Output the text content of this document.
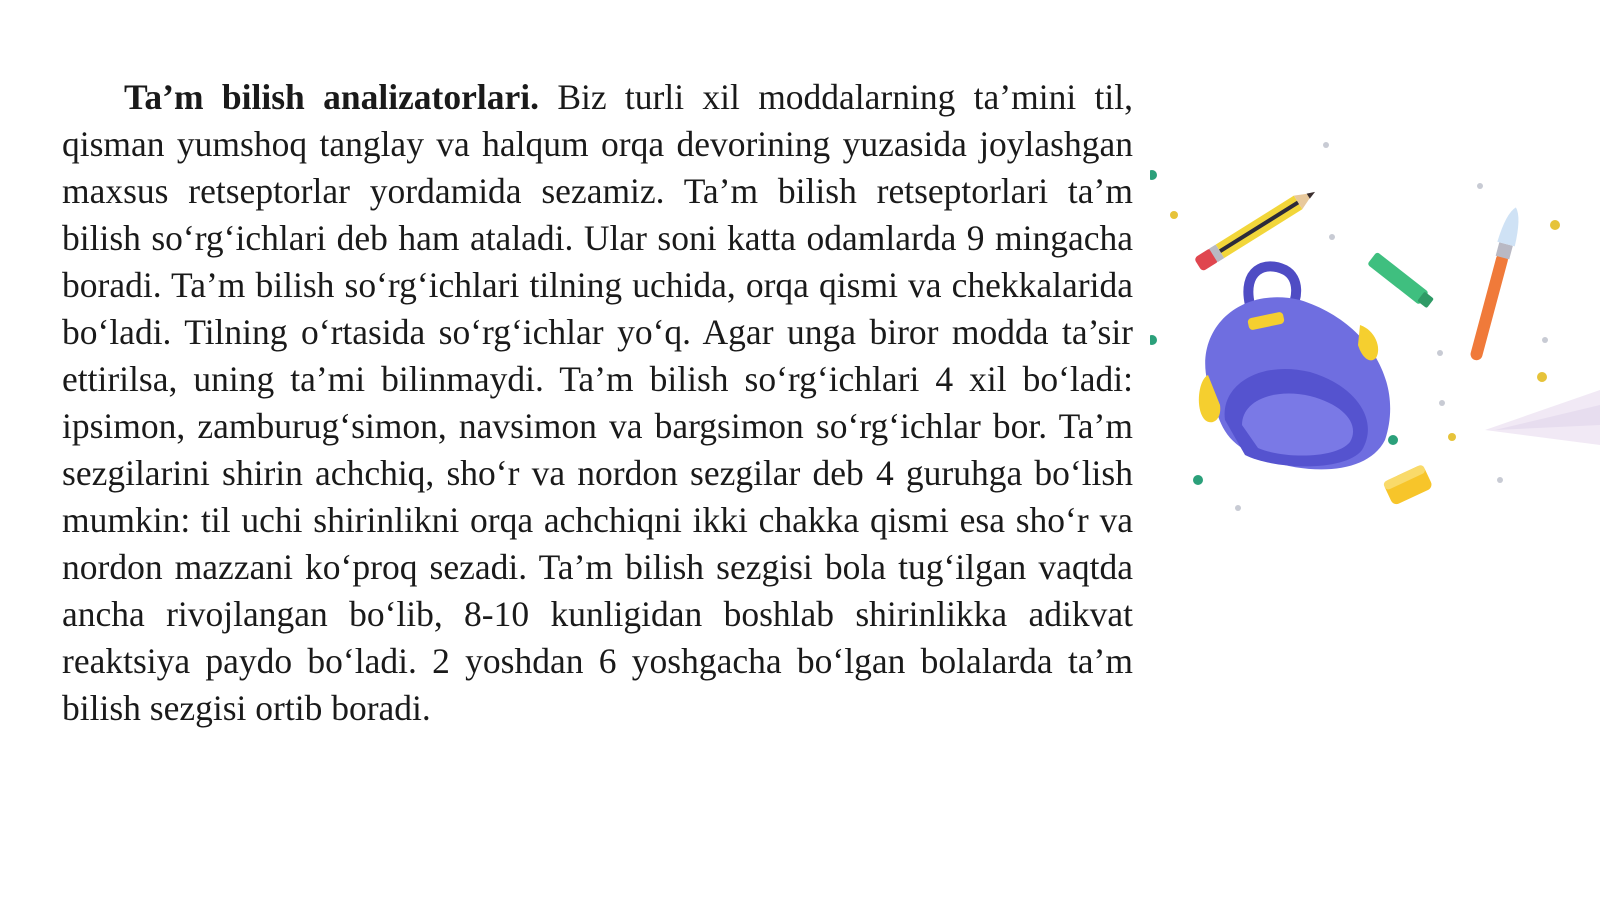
Ta’m bilish analizatorlari. Biz turli xil moddalarning ta’mini til, qisman yumshoq tanglay va halqum orqa devorining yuzasida joylashgan maxsus retseptorlar yordamida sezamiz. Ta’m bilish retseptorlari ta’m bilish so‘rg‘ichlari deb ham ataladi. Ular soni katta odamlarda 9 mingacha boradi. Ta’m bilish so‘rg‘ichlari tilning uchida, orqa qismi va chekkalarida bo‘ladi. Tilning o‘rtasida so‘rg‘ichlar yo‘q. Agar unga biror modda ta’sir ettirilsa, uning ta’mi bilinmaydi. Ta’m bilish so‘rg‘ichlari 4 xil bo‘ladi: ipsimon, zamburug‘simon, navsimon va bargsimon so‘rg‘ichlar bor. Ta’m sezgilarini shirin achchiq, sho‘r va nordon sezgilar deb 4 guruhga bo‘lish mumkin: til uchi shirinlikni orqa achchiqni ikki chakka qismi esa sho‘r va nordon mazzani ko‘proq sezadi. Ta’m bilish sezgisi bola tug‘ilgan vaqtda ancha rivojlangan bo‘lib, 8-10 kunligidan boshlab shirinlikka adikvat reaktsiya paydo bo‘ladi. 2 yoshdan 6 yoshgacha bo‘lgan bolalarda ta’m bilish sezgisi ortib boradi.
